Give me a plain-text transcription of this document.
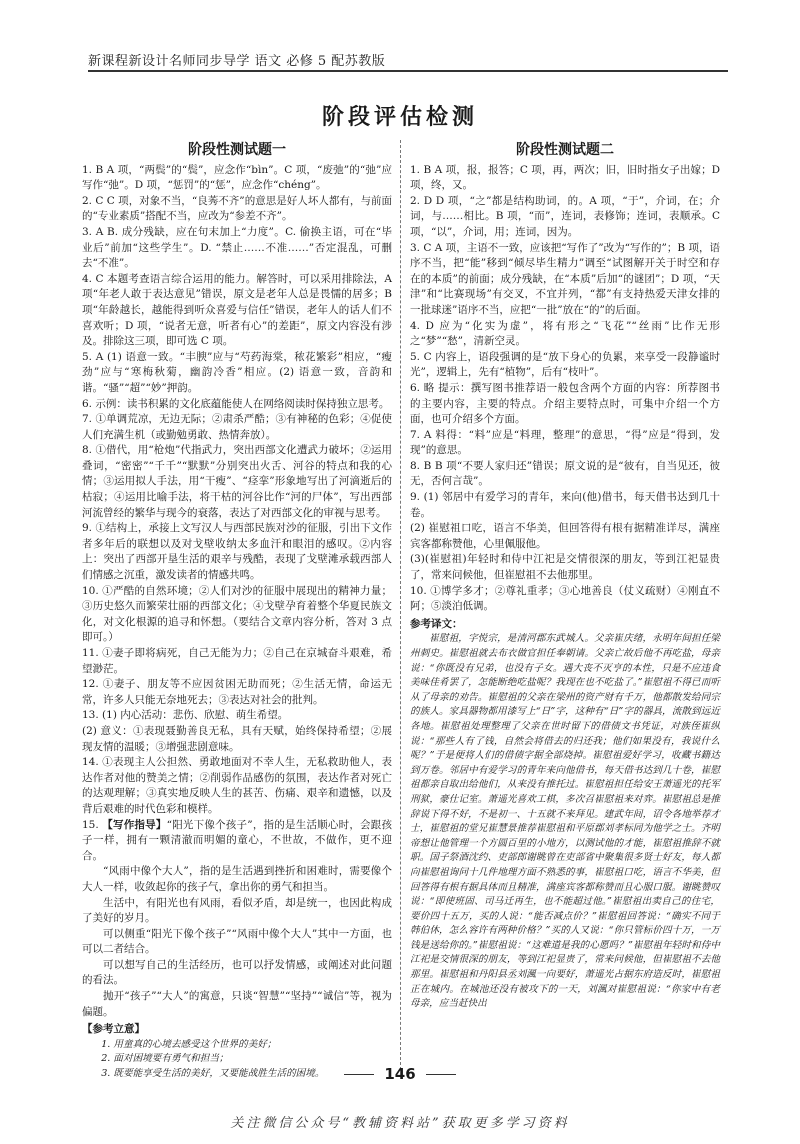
新课程新设计名师同步导学 语文 必修 5 配苏教版
阶段评估检测

阶段性测试题一

1. B A 项，“两鬓”的“鬓”，应念作“bìn”。C 项，“废弛”的“弛”应写作“弛”。D 项，“惩罚”的“惩”，应念作“chéng”。

2. C C 项，对象不当，“良莠不齐”的意思是好人坏人都有，与前面的“专业素质”搭配不当，应改为“参差不齐”。

3. A B. 成分残缺，应在句末加上“力度”。C. 偷换主语，可在“毕业后”前加“这些学生”。D. “禁止……不准……”否定混乱，可删去“不准”。

4. C 本题考查语言综合运用的能力。解答时，可以采用排除法，A 项“年老人敢于表达意见”错误，原文是老年人总是畏懦的居多；B 项“年龄越长，越能得到听众喜爱与信任”错误，老年人的话人们不喜欢听；D 项，“说者无意，听者有心”的差距”，原文内容没有涉及。排除这三项，即可选 C 项。

5. A (1) 语意一致。“丰腴”应与“芍药海棠，秾花繁彩”相应，“瘦劲”应与“寒梅秋菊，幽韵冷香”相应。(2) 语意一致，音韵和谐。“骚”“超”“妙”押韵。

6. 示例：读书积累的文化底蕴能使人在网络阅读时保持独立思考。

7. ①单调荒凉，无边无际；②肃杀严酷；③有神秘的色彩；④促使人们充满生机（或勤勉勇敢、热情奔放）。

8. ①借代，用“枪炮”代指武力，突出西部文化遭武力破坏；②运用叠词，“密密”“千千”“默默”分别突出火舌、河谷的特点和我的心情；③运用拟人手法，用“干瘦”、“痉挛”形象地写出了河滴逝后的枯寂；④运用比喻手法，将干枯的河谷比作“河的尸体”，写出西部河流曾经的繁华与现今的衰落，表达了对西部文化的审视与思考。

9. ①结构上，承接上文写汉人与西部民族对沙的征服，引出下文作者多年后的联想以及对戈壁收纳太多血汗和眼泪的感叹。②内容上：突出了西部开垦生活的艰辛与残酷，表现了戈壁滩承载西部人们情感之沉重，激发读者的情感共鸣。

10. ①严酷的自然环境；②人们对沙的征服中展现出的精神力量；③历史悠久而繁荣壮丽的西部文化；④戈壁孕育着整个华夏民族文化，对文化根源的追寻和怀想。（要结合文章内容分析，答对 3 点即可。）

11. ①妻子即将病死，自己无能为力；②自己在京城奋斗艰难，希望渺茫。

12. ①妻子、朋友等不应因贫困无助而死；②生活无情，命运无常，许多人只能无奈地死去；③表达对社会的批判。

13. (1) 内心活动：悲伤、欣慰、萌生希望。

(2) 意义：①表现聂勤善良无私，具有天赋，始终保持希望；②展现友情的温暖；③增强悲剧意味。

14. ①表现主人公担然、勇敢地面对不幸人生，无私救助他人，表达作者对他的赞美之情；②削弱作品感伤的氛围，表达作者对死亡的达观理解；③真实地反映人生的甚苦、伤痛、艰辛和遗憾，以及背后艰难的时代色彩和模样。

15. 【写作指导】“阳光下像个孩子”，指的是生活顺心时，会跟孩子一样，拥有一颗清澈而明媚的童心，不世故，不做作，更不迎合。

“风雨中像个大人”，指的是生活遇到挫折和困难时，需要像个大人一样，收敛起你的孩子气，拿出你的勇气和担当。

生活中，有阳光也有风雨，看似矛盾，却是统一，也因此构成了美好的岁月。

可以侧重“阳光下像个孩子”“风雨中像个大人”其中一方面，也可以二者结合。

可以想写自己的生活经历，也可以抒发情感，或阐述对此问题的看法。

抛开“孩子”“大人”的寓意，只谈“智慧”“坚持”“诚信”等，视为偏题。

【参考立意】

1. 用童真的心境去感受这个世界的美好；

2. 面对困境要有勇气和担当；

3. 既要能享受生活的美好，又要能战胜生活的困境。

阶段性测试题二

1. B A 项，报，报答；C 项，再，两次；旧，旧时指女子出嫁；D 项，终，又。

2. D D 项，“之”都是结构助词，的。A 项，“于”，介词，在；介词，与……相比。B 项，“而”，连词，表修饰；连词，表顺承。C 项，“以”，介词，用；连词，因为。

3. C A 项，主语不一致，应该把“写作了”改为“写作的”；B 项，语序不当，把“能”移到“倾尽毕生精力”调至“试图解开关于时空和存在的本质”的前面；成分残缺，在“本质”后加“的谜团”；D 项，“天津”和“比赛现场”有交叉，不宜并列，“都”有支持热爱天津女排的一批球迷”语序不当，应把“一批”放在“的”的后面。

4. D 应为“化实为虚”，将有形之“飞花”“丝雨”比作无形之“梦”“愁”，清新空灵。

5. C 内容上，语段强调的是“放下身心的负累，来享受一段静谧时光”，逻辑上，先有“植物”，后有“枝叶”。

6. 略 提示：撰写图书推荐语一般包含两个方面的内容：所荐图书的主要内容，主要的特点。介绍主要特点时，可集中介绍一个方面，也可介绍多个方面。

7. A 料得：“料”应是“料理，整理”的意思，“得”应是“得到，发现”的意思。

8. B B 项“不要人家归还”错误；原文说的是“彼有，自当见还，彼无，否何言哉”。

9. (1) 邻居中有爱学习的青年，来向(他)借书，每天借书达到几十卷。

(2) 崔慰祖口吃，语言不华美，但回答得有根有据精准详尽，满座宾客都称赞他，心里佩服他。

(3)(崔慰祖)年轻时和侍中江祀是交情很深的朋友，等到江祀显贵了，常来问候他，但崔慰祖不去他那里。

10. ①博学多才；②尊礼重孝；③心地善良（仗义疏财）④刚直不阿；⑤淡泊低调。

参考译文：

崔慰祖，字悦宗，是清河郡东武城人。父亲崔庆绪，永明年间担任梁州刺史。崔慰祖就去布衣做官担任奉朝请。父亲亡故后他不再吃盐，母亲说：“你既没有兄弟，也没有子女。遇大丧不灭亨的本性，只是不应违食美味佳肴罢了，怎能断绝吃盐呢？我现在也不吃盐了。”崔慰祖不得已而听从了母亲的劝告。崔慰祖的父亲在梁州的资产财有千万，他都散发给同宗的族人。家具器物都用漆写上“日”字，这种有“日”字的器具，流散到远近各地。崔慰祖处理整理了父亲在世时留下的借债文书凭证，对族侄崔纵说：“那些人有了钱，自然会将借去的归还我；他们如果没有，我说什么呢？”于是便将人们的借债字据全部烧掉。崔慰祖爱好学习，收藏书籍达到万卷。邻居中有爱学习的青年来向他借书，每天借书达到几十卷，崔慰祖都亲自取出给他们，从来没有推托过。崔慰祖担任给安王萧遥光的托军刑狱，豪仕记室。萧遥光喜欢工棋，多次召崔慰祖来对弈。崔慰祖总是推辞说下得不好，不是初一、十五就不来拜见。建武年间，诏令各地举荐才士，崔慰祖的堂兄崔慧景推荐崔慰祖和平原郡刘孝标同为他学之士。齐明帝想让他管理一个方圆百里的小地方，以测试他的才能，崔慰祖推辞不就职。国子祭酒沈约、吏部郎谢眺曾在吏部省中聚集很多贤士好友，每人都向崔慰祖询问十几件地理方面不熟悉的事，崔慰祖口吃，语言不华美，但回答得有根有据具体而且精准，满座宾客都称赞而且心服口服。谢眺赞叹说：“即使班固、司马迁再生，也不能超过他。”崔慰祖出卖自己的住宅，要价四十五万，买的人说：“能否减点价？”崔慰祖回答说：“确实不同于韩伯休，怎么容许有两种价格？”买的人又说：“你只管标价四十万，一万钱是送给你的。”崔慰祖说：“这难道是我的心愿吗？”崔慰祖年轻时和侍中江祀是交情很深的朋友，等到江祀显贵了，常来问候他，但崔慰祖不去他那里。崔慰祖和丹阳县丞刘渢一向要好，萧遥光占据东府造反时，崔慰祖正在城内。在城池还没有被攻下的一天，刘渢对崔慰祖说：“你家中有老母亲，应当赶快出

146
关注微信公众号“教辅资料站”获取更多学习资料
